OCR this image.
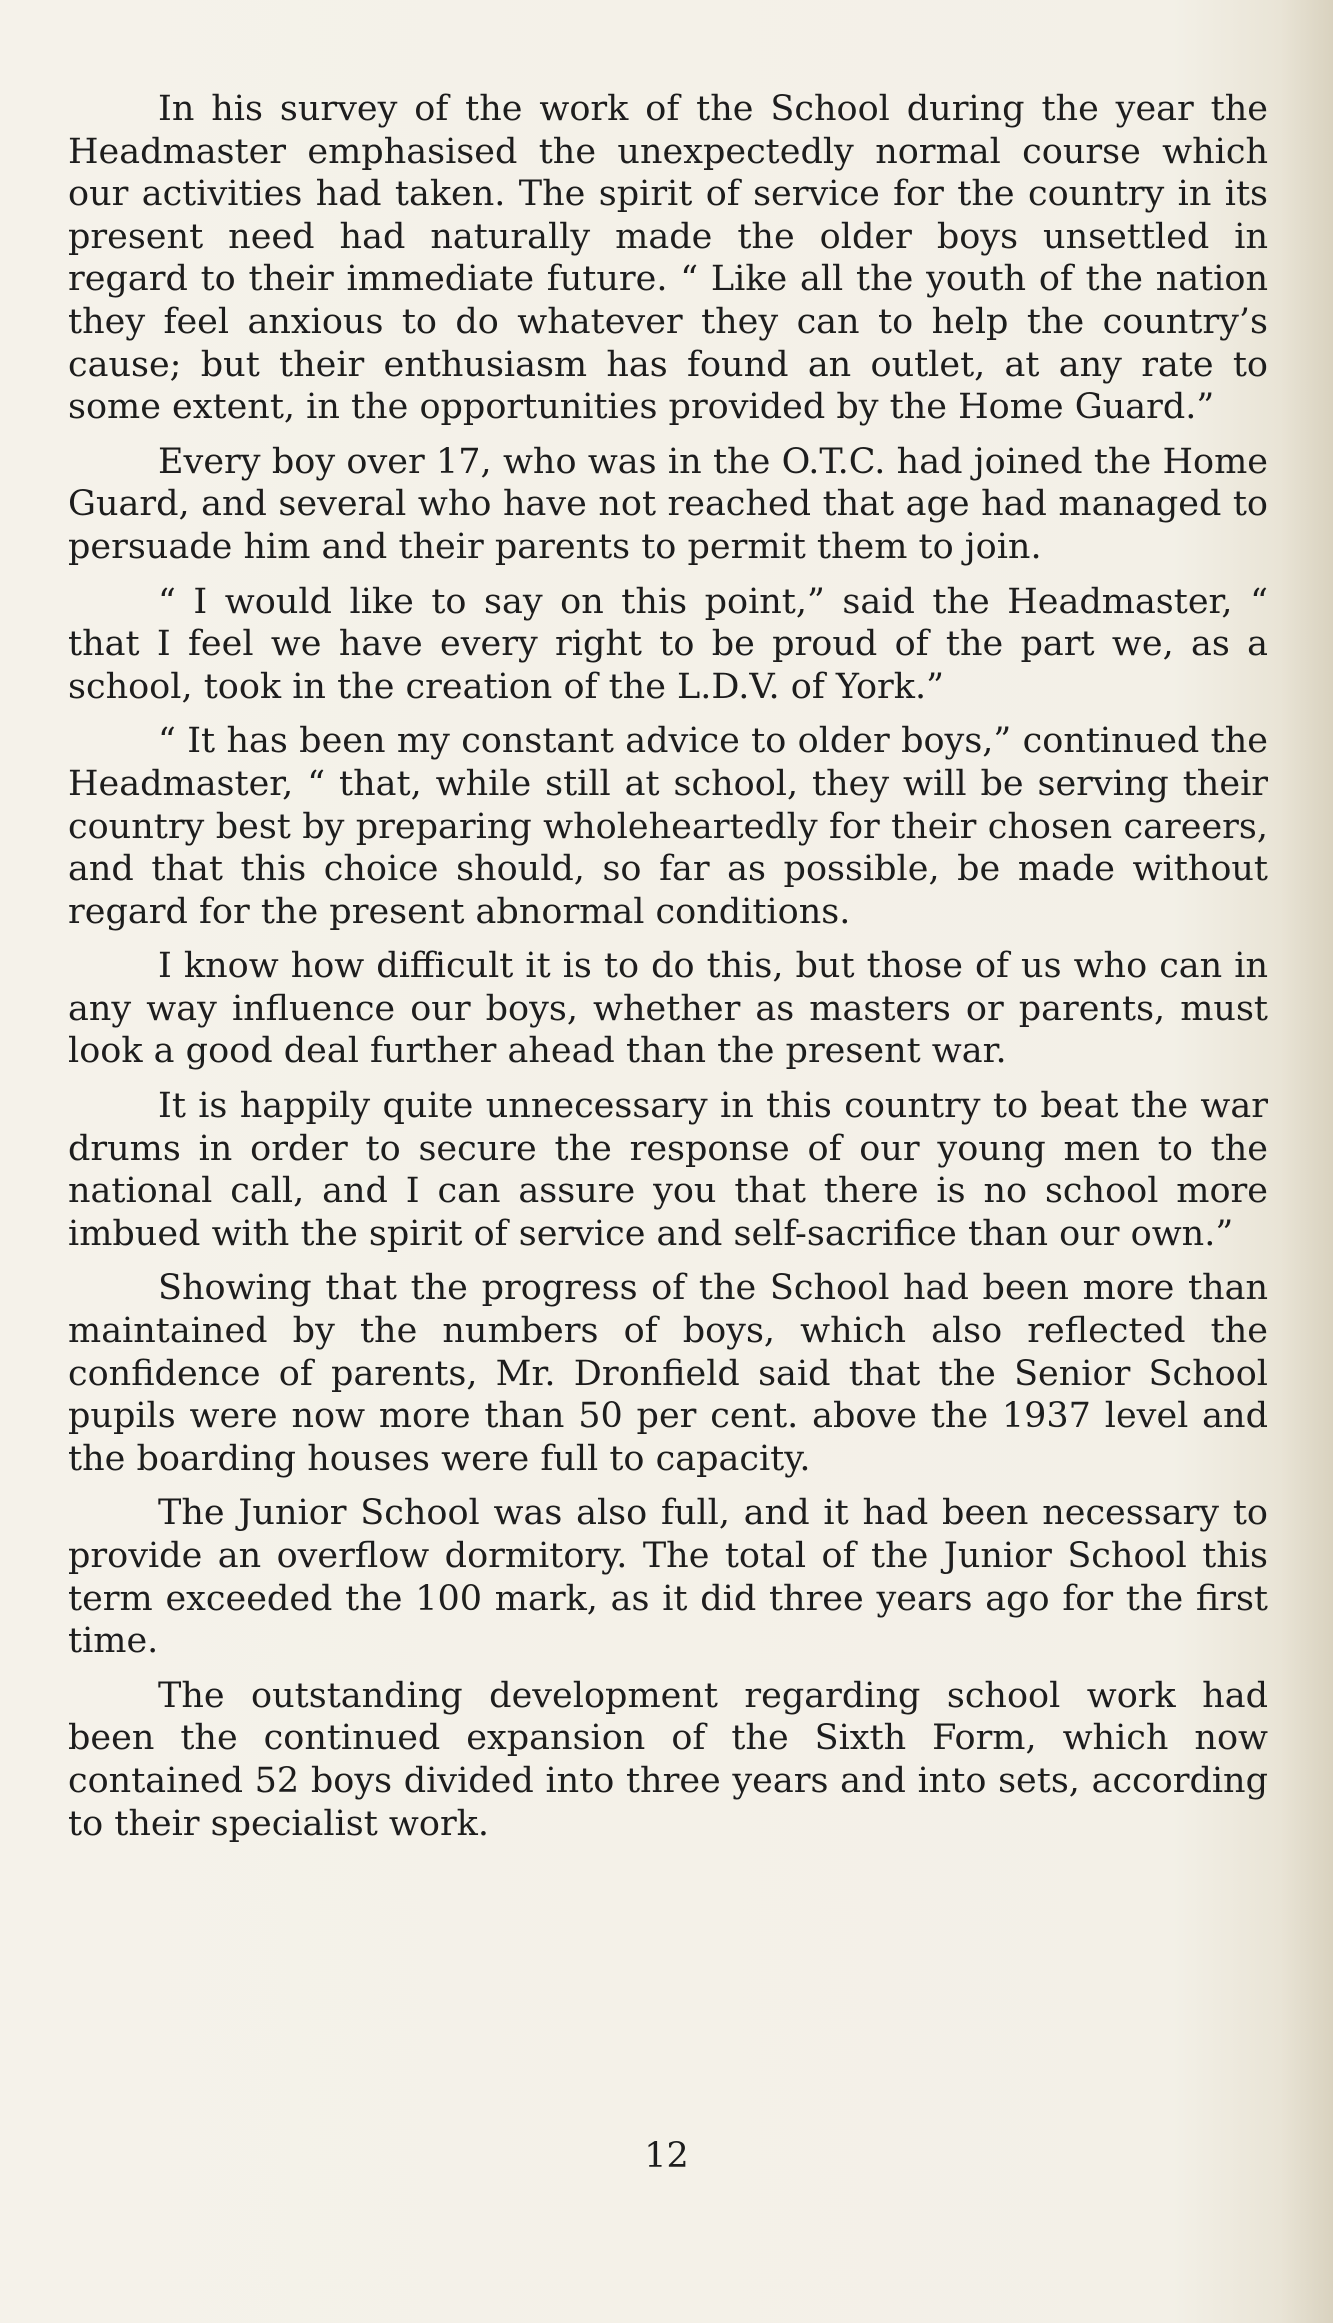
In his survey of the work of the School during the year the Headmaster emphasised the unexpectedly normal course which our activities had taken. The spirit of service for the country in its present need had naturally made the older boys unsettled in regard to their immediate future. “ Like all the youth of the nation they feel anxious to do whatever they can to help the country’s cause; but their enthusiasm has found an outlet, at any rate to some extent, in the opportunities provided by the Home Guard.”

Every boy over 17, who was in the O.T.C. had joined the Home Guard, and several who have not reached that age had managed to persuade him and their parents to permit them to join.

“ I would like to say on this point,” said the Headmaster, “ that I feel we have every right to be proud of the part we, as a school, took in the creation of the L.D.V. of York.”

“ It has been my constant advice to older boys,” continued the Headmaster, “ that, while still at school, they will be serving their country best by preparing wholeheartedly for their chosen careers, and that this choice should, so far as possible, be made without regard for the present abnormal conditions.

I know how difficult it is to do this, but those of us who can in any way influence our boys, whether as masters or parents, must look a good deal further ahead than the present war.

It is happily quite unnecessary in this country to beat the war drums in order to secure the response of our young men to the national call, and I can assure you that there is no school more imbued with the spirit of service and self-sacrifice than our own.”

Showing that the progress of the School had been more than maintained by the numbers of boys, which also reflected the confidence of parents, Mr. Dronfield said that the Senior School pupils were now more than 50 per cent. above the 1937 level and the boarding houses were full to capacity.

The Junior School was also full, and it had been necessary to provide an overflow dormitory. The total of the Junior School this term exceeded the 100 mark, as it did three years ago for the first time.

The outstanding development regarding school work had been the continued expansion of the Sixth Form, which now contained 52 boys divided into three years and into sets, according to their specialist work.

12
